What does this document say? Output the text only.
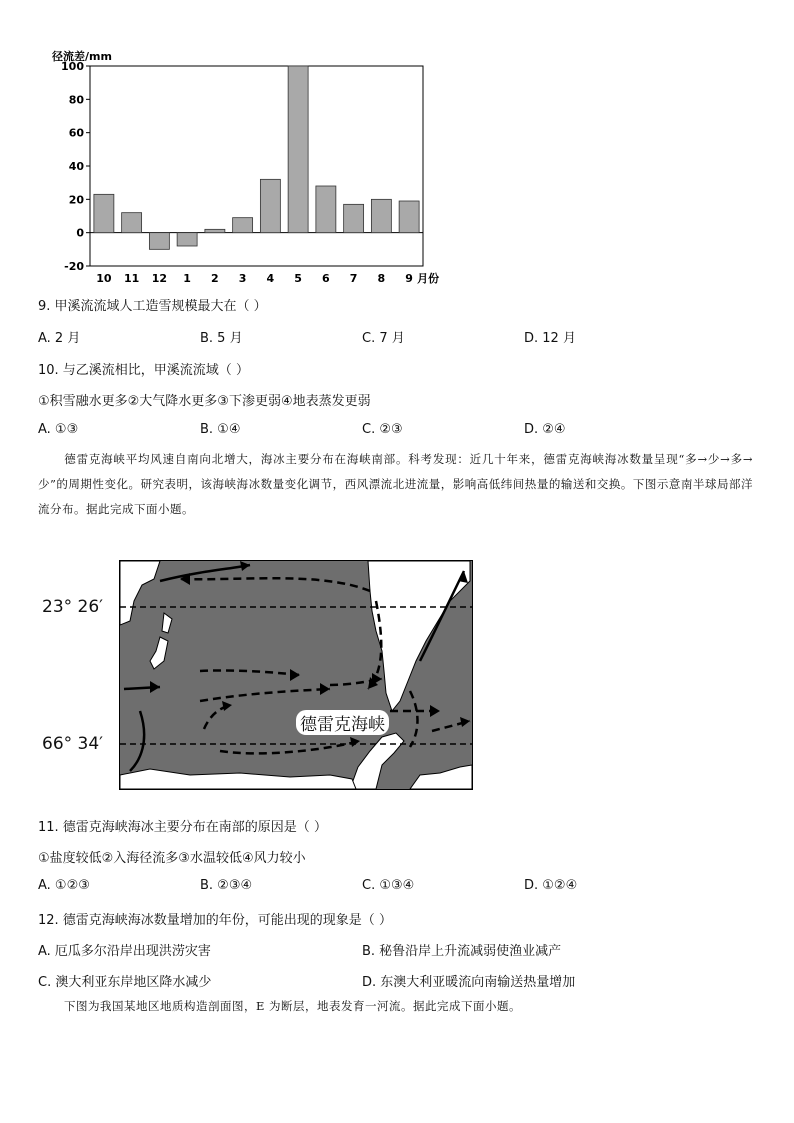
径流差/mm
100
80
60
40
20
0
-20
10 11 12 1 2 3 4 5 6 7 8 9 月份
9. 甲溪流流域人工造雪规模最大在（ ）
A. 2 月	B. 5 月	C. 7 月	D. 12 月
10. 与乙溪流相比，甲溪流流域（ ）
①积雪融水更多②大气降水更多③下渗更弱④地表蒸发更弱
A. ①③	B. ①④	C. ②③	D. ②④
德雷克海峡平均风速自南向北增大，海冰主要分布在海峡南部。科考发现：近几十年来，德雷克海峡海冰数量呈现“多→少→多→少”的周期性变化。研究表明，该海峡海冰数量变化调节，西风漂流北进流量，影响高低纬间热量的输送和交换。下图示意南半球局部洋流分布。据此完成下面小题。
23° 26′
66° 34′
德雷克海峡
11. 德雷克海峡海冰主要分布在南部的原因是（ ）
①盐度较低②入海径流多③水温较低④风力较小
A. ①②③	B. ②③④	C. ①③④	D. ①②④
12. 德雷克海峡海冰数量增加的年份，可能出现的现象是（ ）
A. 厄瓜多尔沿岸出现洪涝灾害	B. 秘鲁沿岸上升流减弱使渔业减产
C. 澳大利亚东岸地区降水减少	D. 东澳大利亚暖流向南输送热量增加
下图为我国某地区地质构造剖面图，E 为断层，地表发育一河流。据此完成下面小题。
